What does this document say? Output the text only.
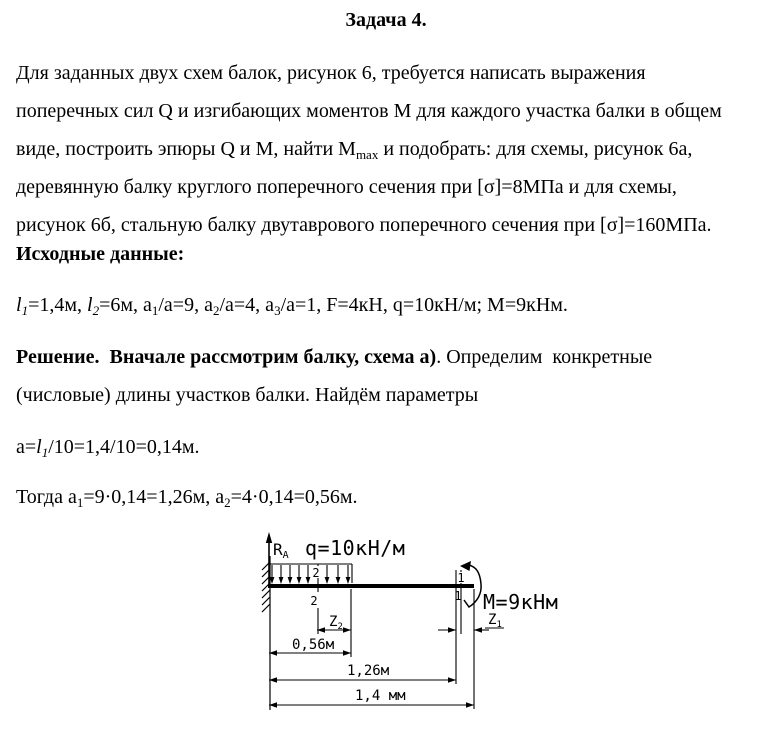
Задача 4.
Для заданных двух схем балок, рисунок 6, требуется написать выражения
поперечных сил Q и изгибающих моментов М для каждого участка балки в общем
виде, построить эпюры Q и М, найти $М_{max}$ и подобрать: для схемы, рисунок 6а,
деревянную балку круглого поперечного сечения при [σ]=8МПа и для схемы,
рисунок 6б, стальную балку двутаврового поперечного сечения при [σ]=160МПа.
Исходные данные:
$l_1=1,4м$, $l_2=6м$, $а_1/а=9$, $а_2/а=4$, $а_3/а=1$, F=4кН, q=10кН/м; М=9кНм.
Решение.  Вначале рассмотрим балку, схема а). Определим  конкретные
(числовые) длины участков балки. Найдём параметры
$а=l_1/10=1,4/10=0,14м$.
Тогда $а_1=9\cdot 0,14=1,26м$, $а_2=4\cdot 0,14=0,56м$.
RA q=10кН/м
2
2
1
1 M=9кНм
$Z_2$	$Z_1$
0,56м
1,26м
1,4 мм
